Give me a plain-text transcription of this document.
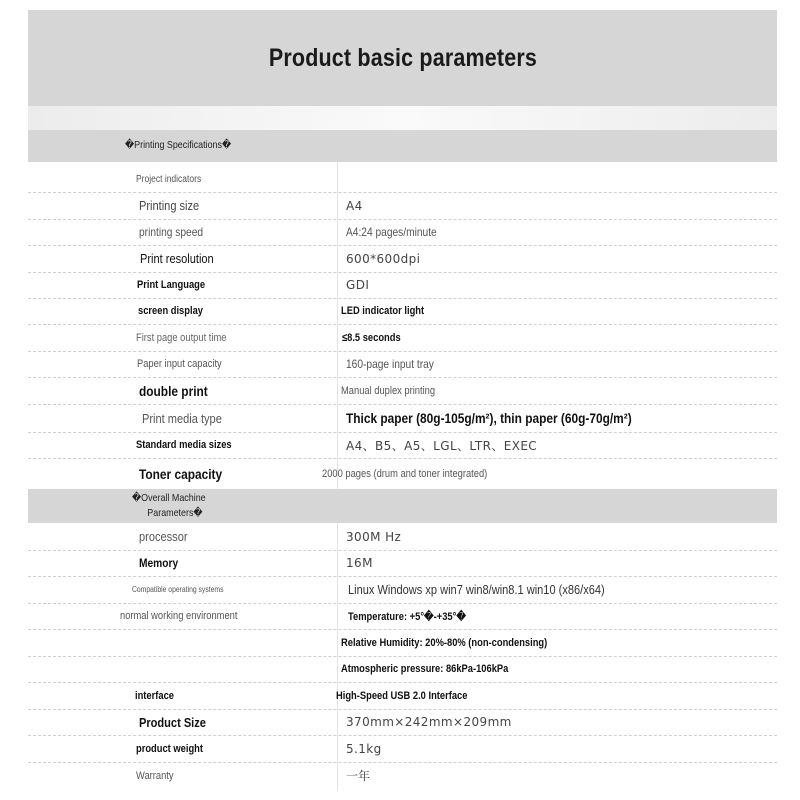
Product basic parameters
�Printing Specifications�
Project indicators
Printing size	A4
printing speed	A4:24 pages/minute
Print resolution	600*600dpi
Print Language	GDI
screen display	LED indicator light
First page output time	≤8.5 seconds
Paper input capacity	160-page input tray
double print	Manual duplex printing
Print media type	Thick paper (80g-105g/m²), thin paper (60g-70g/m²)
Standard media sizes	A4、B5、A5、LGL、LTR、EXEC
Toner capacity	2000 pages (drum and toner integrated)
�Overall Machine Parameters�
processor	300M Hz
Memory	16M
Compatible operating systems	Linux Windows xp win7 win8/win8.1 win10 (x86/x64)
normal working environment	Temperature: +5°�-+35°�
Relative Humidity: 20%-80% (non-condensing)
Atmospheric pressure: 86kPa-106kPa
interface	High-Speed USB 2.0 Interface
Product Size	370mm×242mm×209mm
product weight	5.1kg
Warranty	一年
